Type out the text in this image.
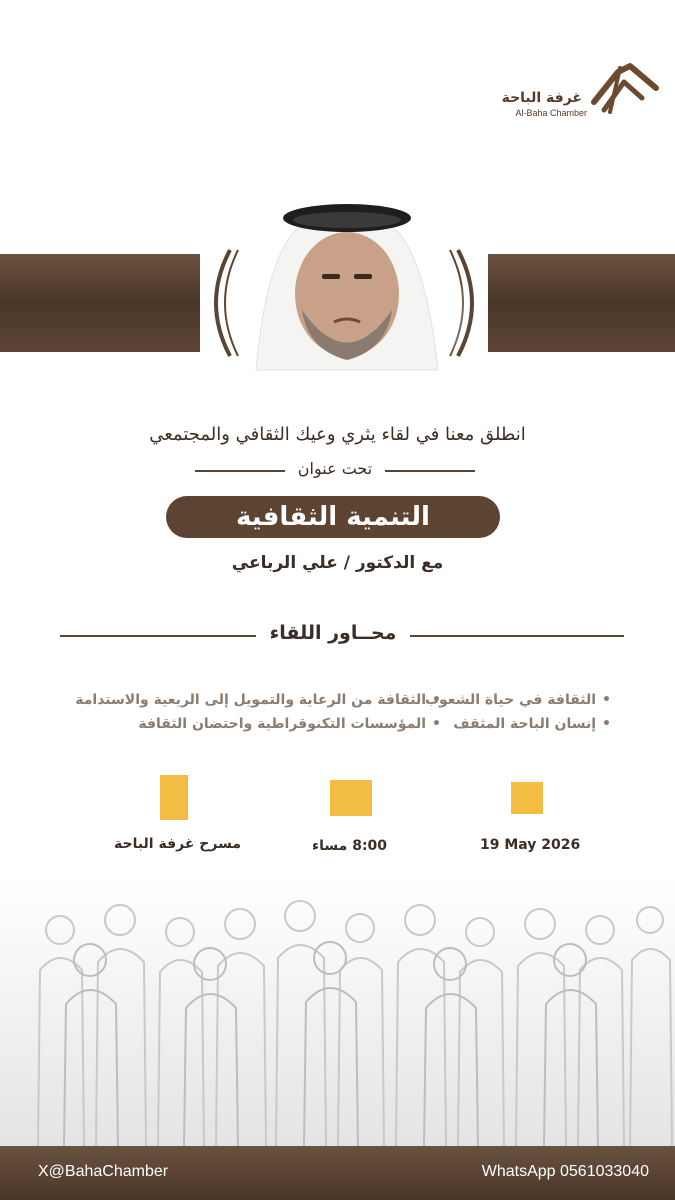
غرفة الباحة
Al-Baha Chamber
انطلق معنا في لقاء يثري وعيك الثقافي والمجتمعي
تحت عنوان
التنمية الثقافية
مع الدكتور / علي الرباعي
محــاور اللقاء
• الثقافة في حياة الشعوب
• الثقافة من الرعاية والتمويل إلى الريعية والاستدامة
• إنسان الباحة المثقف
• المؤسسات التكنوقراطية واحتضان الثقافة
19 May 2026
8:00 مساء
مسرح غرفة الباحة
X@BahaChamber	WhatsApp 0561033040
